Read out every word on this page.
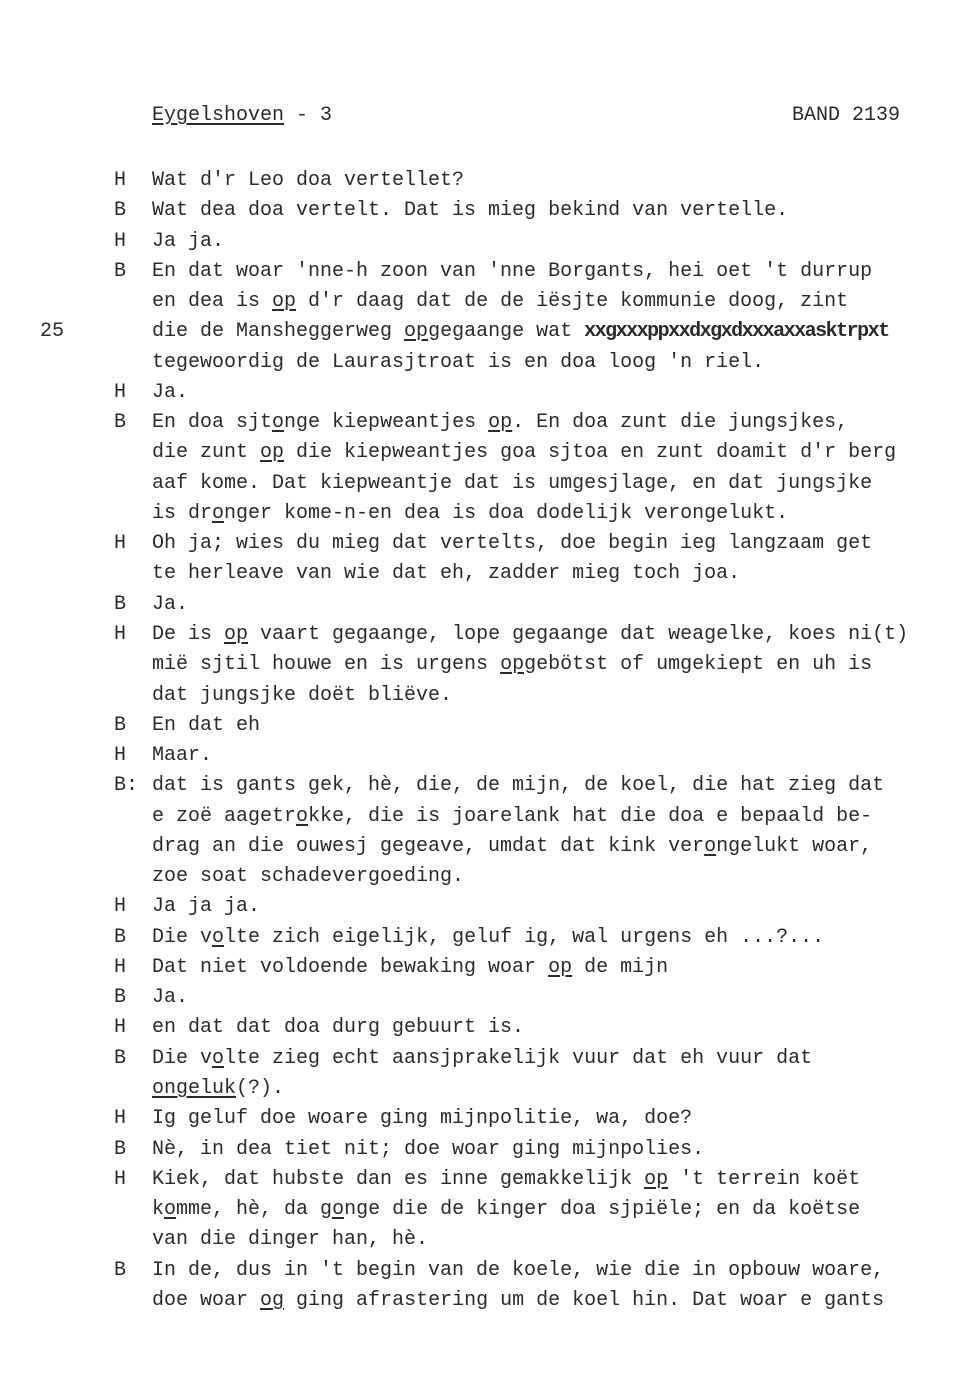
Eygelshoven - 3	BAND 2139
H Wat d'r Leo doa vertellet?
B Wat dea doa vertelt. Dat is mieg bekind van vertelle.
H Ja ja.
B En dat woar 'nne-h zoon van 'nne Borgants, hei oet 't durrup
en dea is op d'r daag dat de de iësjte kommunie doog, zint
25	die de Mansheggerweg opgegaange wat xxgxxxppxxdxgxdxxxaxxasktrpxt
tegewoordig de Laurasjtroat is en doa loog 'n riel.
H Ja.
B En doa sjtonge kiepweantjes op. En doa zunt die jungsjkes,
die zunt op die kiepweantjes goa sjtoa en zunt doamit d'r berg
aaf kome. Dat kiepweantje dat is umgesjlage, en dat jungsjke
is dronger kome-n-en dea is doa dodelijk verongelukt.
H Oh ja; wies du mieg dat vertelts, doe begin ieg langzaam get
te herleave van wie dat eh, zadder mieg toch joa.
B Ja.
H De is op vaart gegaange, lope gegaange dat weagelke, koes ni(t)
mië sjtil houwe en is urgens opgebötst of umgekiept en uh is
dat jungsjke doët bliëve.
B En dat eh
H Maar.
B: dat is gants gek, hè, die, de mijn, de koel, die hat zieg dat
e zoë aagetrokke, die is joarelank hat die doa e bepaald be-
drag an die ouwesj gegeave, umdat dat kink verongelukt woar,
zoe soat schadevergoeding.
H Ja ja ja.
B Die volte zich eigelijk, geluf ig, wal urgens eh ...?...
H Dat niet voldoende bewaking woar op de mijn
B Ja.
H en dat dat doa durg gebuurt is.
B Die volte zieg echt aansjprakelijk vuur dat eh vuur dat
ongeluk(?).
H Ig geluf doe woare ging mijnpolitie, wa, doe?
B Nè, in dea tiet nit; doe woar ging mijnpolies.
H Kiek, dat hubste dan es inne gemakkelijk op 't terrein koët
komme, hè, da gonge die de kinger doa sjpiële; en da koëtse
van die dinger han, hè.
B In de, dus in 't begin van de koele, wie die in opbouw woare,
doe woar og ging afrastering um de koel hin. Dat woar e gants
